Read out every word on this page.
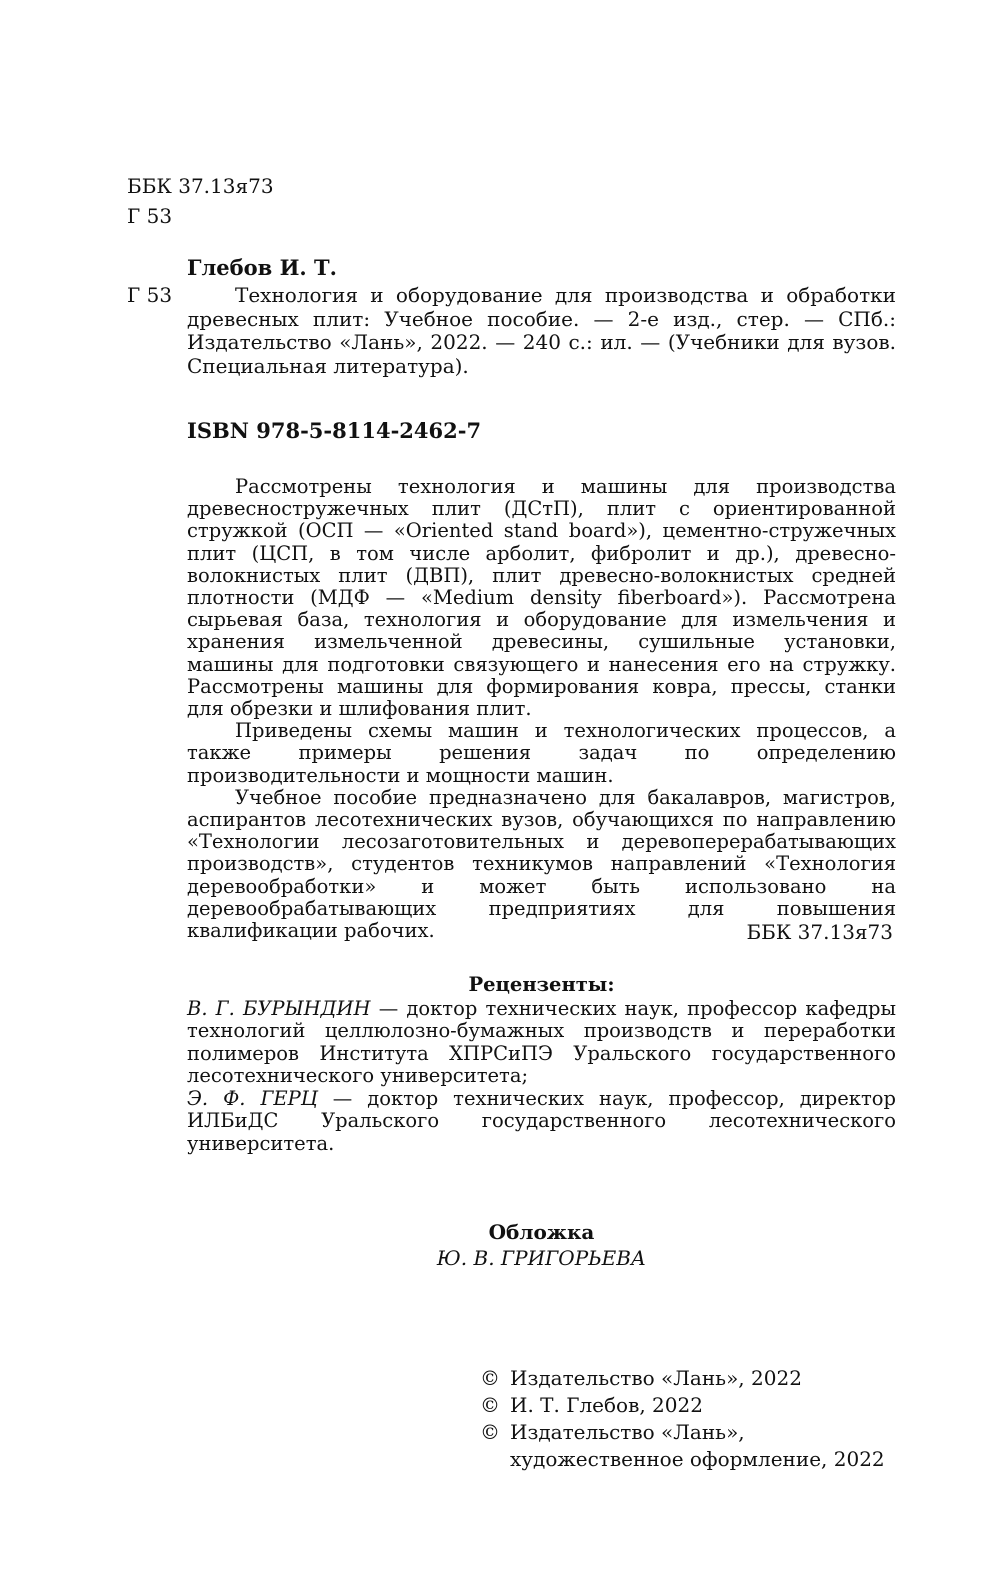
ББК 37.13я73
Г 53
Глебов И. Т.
Г 53	Технология и оборудование для производства и обработки древесных плит: Учебное пособие. — 2-е изд., стер. — СПб.: Издательство «Лань», 2022. — 240 с.: ил. — (Учебники для вузов. Специальная литература).

ISBN 978-5-8114-2462-7

Рассмотрены технология и машины для производства древесностружечных плит (ДСтП), плит с ориентированной стружкой (ОСП — «Oriented stand board»), цементно-стружечных плит (ЦСП, в том числе арболит, фибролит и др.), древесно-волокнистых плит (ДВП), плит древесно-волокнистых средней плотности (МДФ — «Medium density fiberboard»). Рассмотрена сырьевая база, технология и оборудование для измельчения и хранения измельченной древесины, сушильные установки, машины для подготовки связующего и нанесения его на стружку. Рассмотрены машины для формирования ковра, прессы, станки для обрезки и шлифования плит.

Приведены схемы машин и технологических процессов, а также примеры решения задач по определению производительности и мощности машин.

Учебное пособие предназначено для бакалавров, магистров, аспирантов лесотехнических вузов, обучающихся по направлению «Технологии лесозаготовительных и деревоперерабатывающих производств», студентов техникумов направлений «Технология деревообработки» и может быть использовано на деревообрабатывающих предприятиях для повышения квалификации рабочих.	ББК 37.13я73
Рецензенты:

В. Г. БУРЫНДИН — доктор технических наук, профессор кафедры технологий целлюлозно-бумажных производств и переработки полимеров Института ХПРСиПЭ Уральского государственного лесотехнического университета;

Э. Ф. ГЕРЦ — доктор технических наук, профессор, директор ИЛБиДС Уральского государственного лесотехнического университета.

Обложка
Ю. В. ГРИГОРЬЕВА
© Издательство «Лань», 2022
© И. Т. Глебов, 2022
© Издательство «Лань»,
художественное оформление, 2022
